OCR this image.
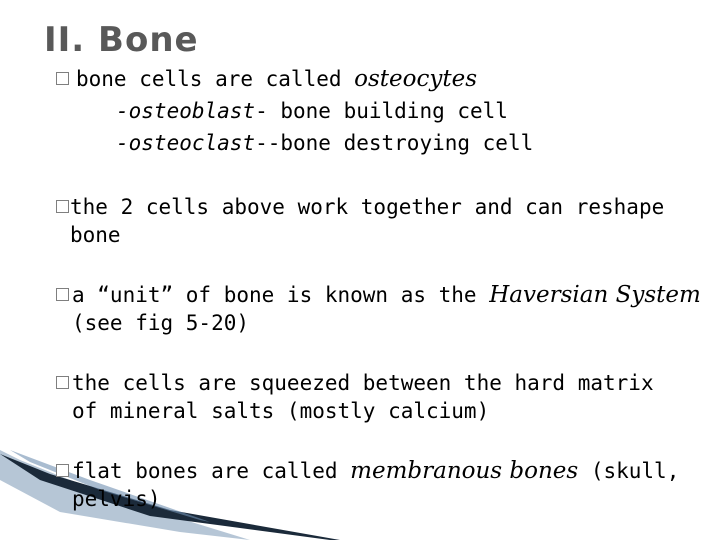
II. Bone
bone cells are called osteocytes
-osteoblast- bone building cell
-osteoclast--bone destroying cell
the 2 cells above work together and can reshape
bone
a “unit” of bone is known as the Haversian System
(see fig 5-20)
the cells are squeezed between the hard matrix
of mineral salts (mostly calcium)
flat bones are called membranous bones (skull,
pelvis)
